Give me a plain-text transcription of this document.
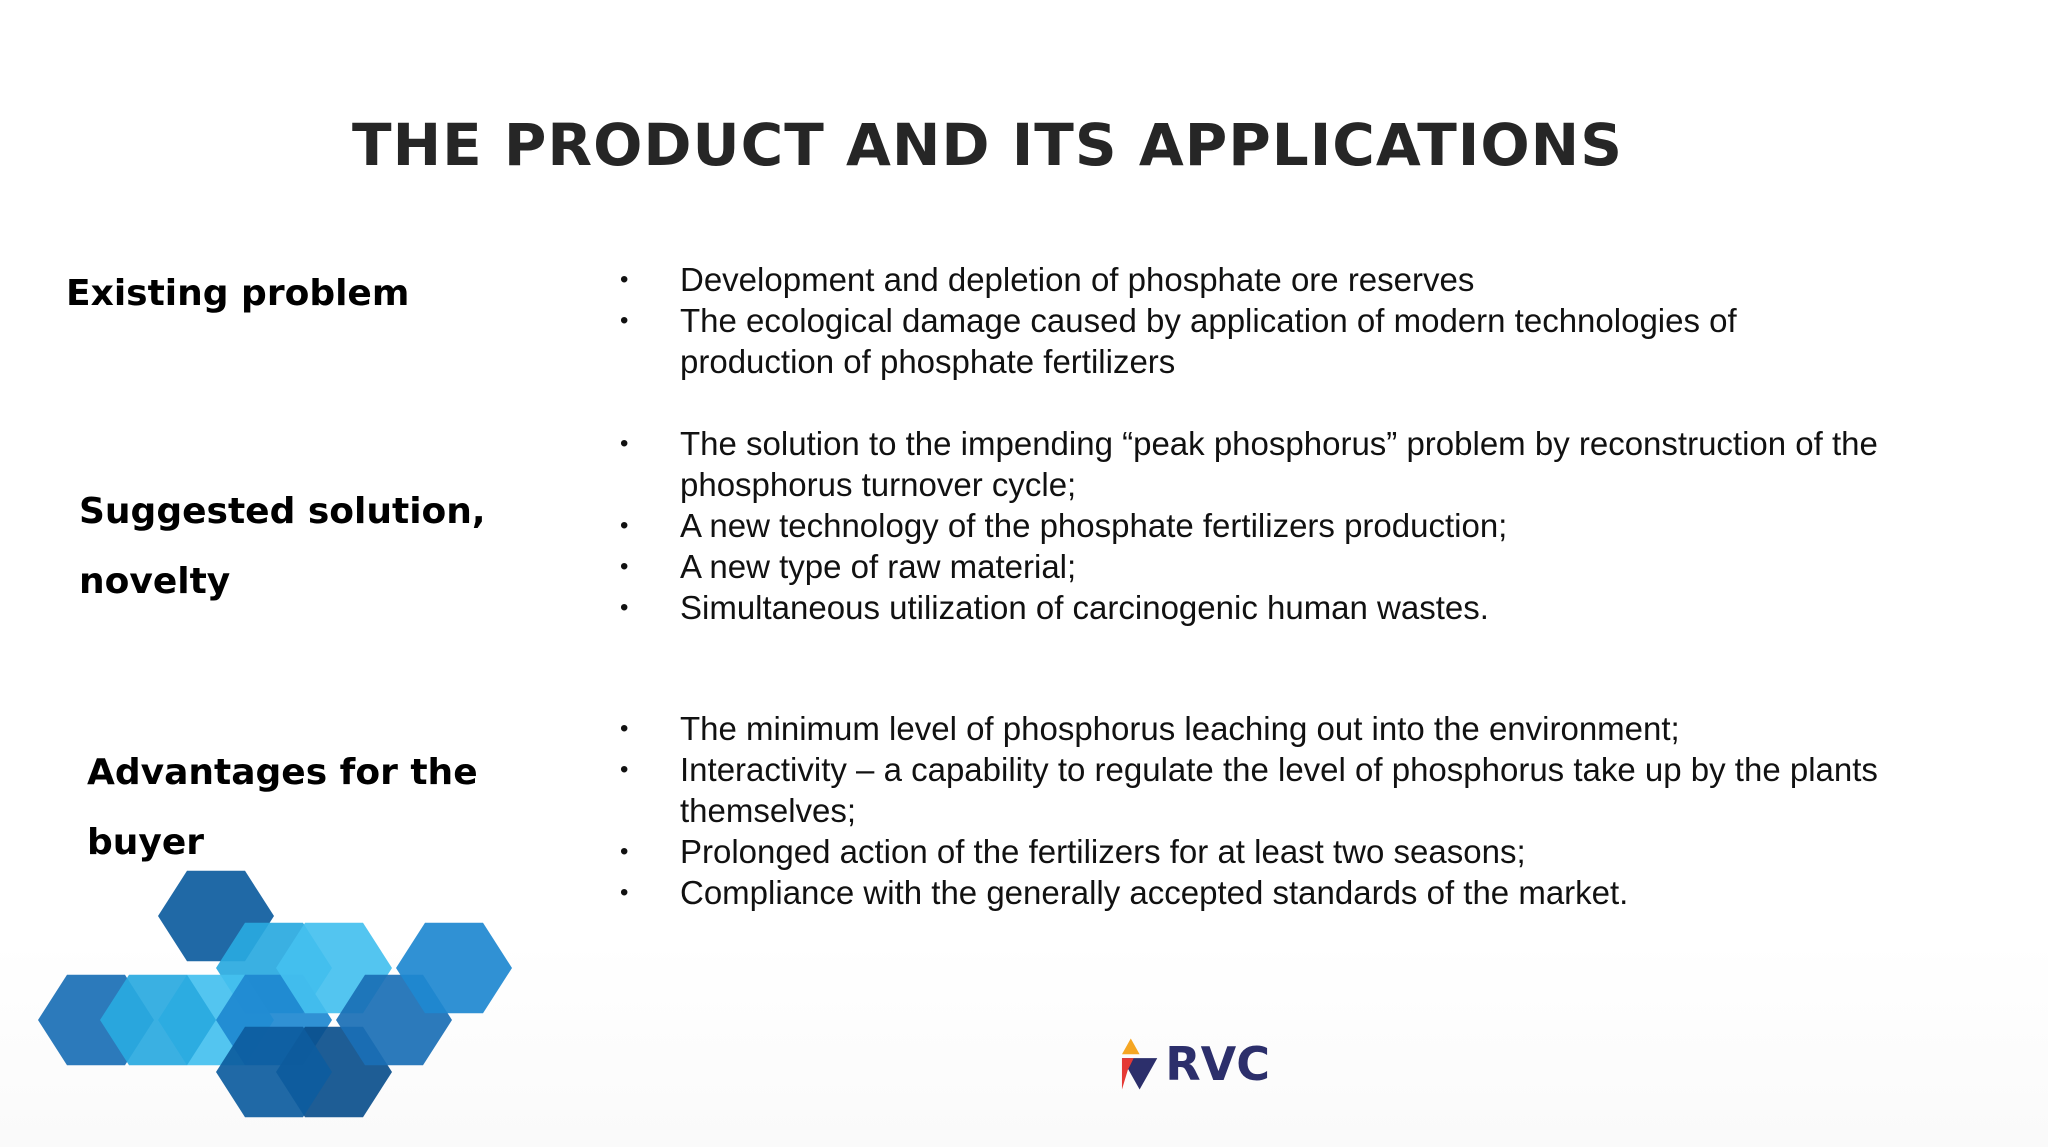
THE PRODUCT AND ITS APPLICATIONS

Existing problem	• Development and depletion of phosphate ore reserves
• The ecological damage caused by application of modern technologies of production of phosphate fertilizers

Suggested solution,
novelty

• The solution to the impending “peak phosphorus” problem by reconstruction of the phosphorus turnover cycle;
• A new technology of the phosphate fertilizers production;
• A new type of raw material;
• Simultaneous utilization of carcinogenic human wastes.

Advantages for the
buyer

• The minimum level of phosphorus leaching out into the environment;
• Interactivity – a capability to regulate the level of phosphorus take up by the plants themselves;
• Prolonged action of the fertilizers for at least two seasons;
• Compliance with the generally accepted standards of the market.
RVC
